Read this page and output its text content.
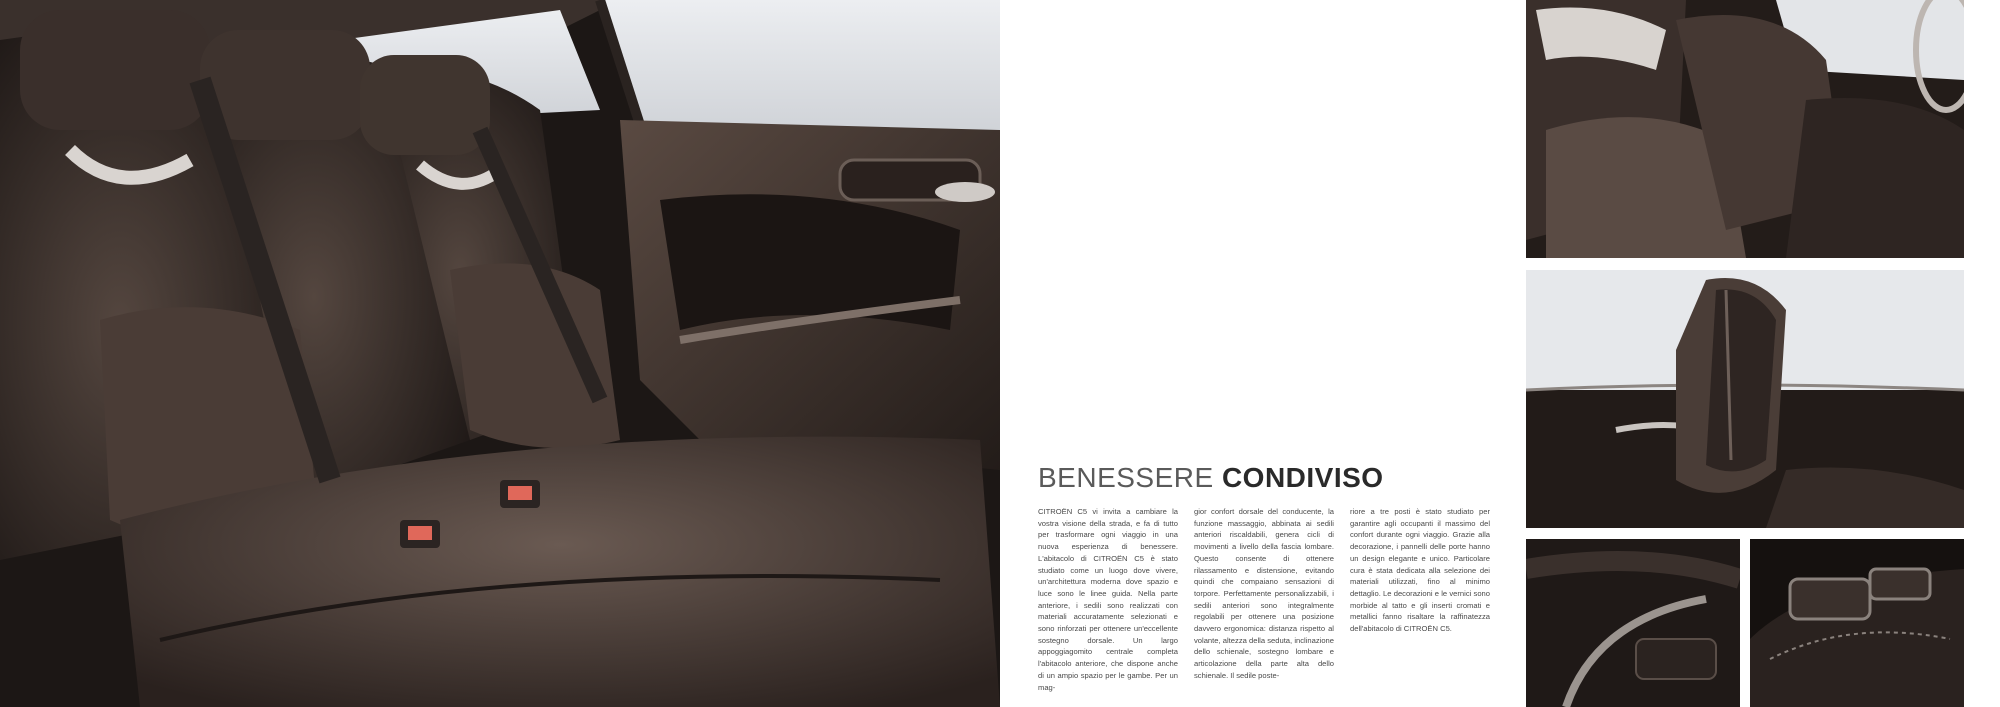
BENESSERE CONDIVISO

CITROËN C5 vi invita a cambiare la vostra visione della strada, e fa di tutto per trasformare ogni viaggio in una nuova esperienza di benessere. L'abitacolo di CITROËN C5 è stato studiato come un luogo dove vivere, un'architettura moderna dove spazio e luce sono le linee guida. Nella parte anteriore, i sedili sono realizzati con materiali accuratamente selezionati e sono rinforzati per ottenere un'eccellente sostegno dorsale. Un largo appoggiagomito centrale completa l'abitacolo anteriore, che dispone anche di un ampio spazio per le gambe. Per un mag-

gior confort dorsale del conducente, la funzione massaggio, abbinata ai sedili anteriori riscaldabili, genera cicli di movimenti a livello della fascia lombare. Questo consente di ottenere rilassamento e distensione, evitando quindi che compaiano sensazioni di torpore. Perfettamente personalizzabili, i sedili anteriori sono integralmente regolabili per ottenere una posizione davvero ergonomica: distanza rispetto al volante, altezza della seduta, inclinazione dello schienale, sostegno lombare e articolazione della parte alta dello schienale. Il sedile poste-

riore a tre posti è stato studiato per garantire agli occupanti il massimo del confort durante ogni viaggio. Grazie alla decorazione, i pannelli delle porte hanno un design elegante e unico. Particolare cura è stata dedicata alla selezione dei materiali utilizzati, fino al minimo dettaglio. Le decorazioni e le vernici sono morbide al tatto e gli inserti cromati e metallici fanno risaltare la raffinatezza dell'abitacolo di CITROËN C5.
